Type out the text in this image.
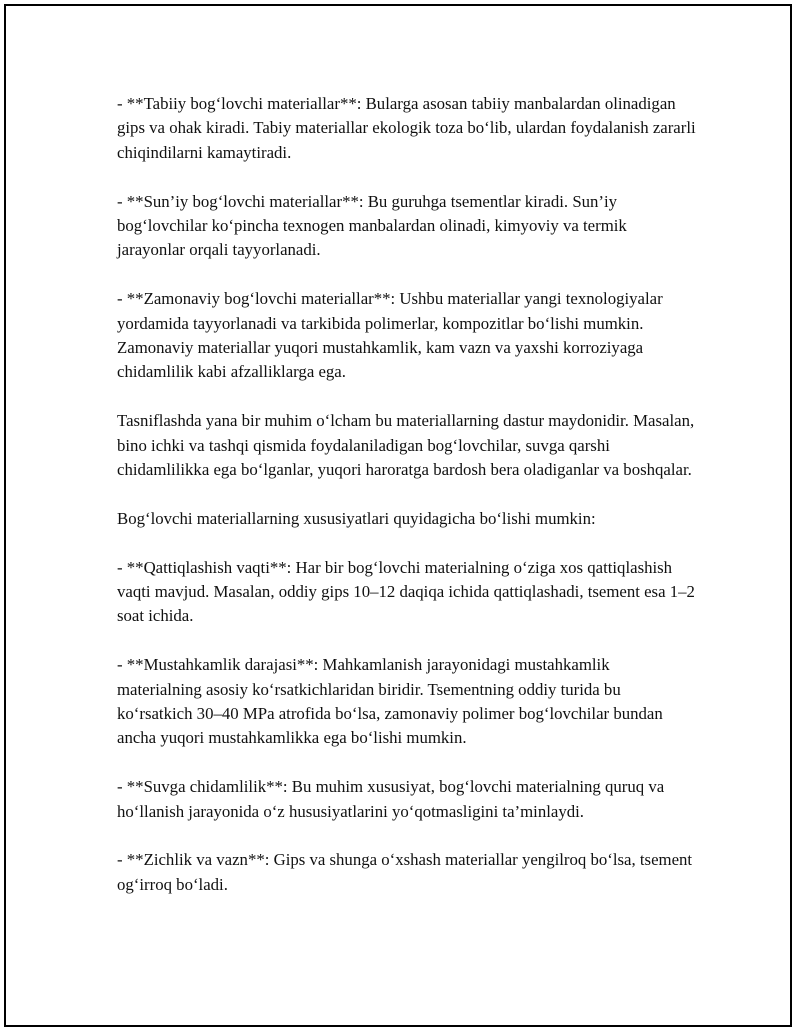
- **Tabiiy bog‘lovchi materiallar**: Bularga asosan tabiiy manbalardan olinadigan gips va ohak kiradi. Tabiy materiallar ekologik toza bo‘lib, ulardan foydalanish zararli chiqindilarni kamaytiradi.

- **Sun’iy bog‘lovchi materiallar**: Bu guruhga tsementlar kiradi. Sun’iy bog‘lovchilar ko‘pincha texnogen manbalardan olinadi, kimyoviy va termik jarayonlar orqali tayyorlanadi.

- **Zamonaviy bog‘lovchi materiallar**: Ushbu materiallar yangi texnologiyalar yordamida tayyorlanadi va tarkibida polimerlar, kompozitlar bo‘lishi mumkin. Zamonaviy materiallar yuqori mustahkamlik, kam vazn va yaxshi korroziyaga chidamlilik kabi afzalliklarga ega.

Tasniflashda yana bir muhim o‘lcham bu materiallarning dastur maydonidir. Masalan, bino ichki va tashqi qismida foydalaniladigan bog‘lovchilar, suvga qarshi chidamlilikka ega bo‘lganlar, yuqori haroratga bardosh bera oladiganlar va boshqalar.

Bog‘lovchi materiallarning xususiyatlari quyidagicha bo‘lishi mumkin:

- **Qattiqlashish vaqti**: Har bir bog‘lovchi materialning o‘ziga xos qattiqlashish vaqti mavjud. Masalan, oddiy gips 10–12 daqiqa ichida qattiqlashadi, tsement esa 1–2 soat ichida.

- **Mustahkamlik darajasi**: Mahkamlanish jarayonidagi mustahkamlik materialning asosiy ko‘rsatkichlaridan biridir. Tsementning oddiy turida bu ko‘rsatkich 30–40 MPa atrofida bo‘lsa, zamonaviy polimer bog‘lovchilar bundan ancha yuqori mustahkamlikka ega bo‘lishi mumkin.

- **Suvga chidamlilik**: Bu muhim xususiyat, bog‘lovchi materialning quruq va ho‘llanish jarayonida o‘z hususiyatlarini yo‘qotmasligini ta’minlaydi.

- **Zichlik va vazn**: Gips va shunga o‘xshash materiallar yengilroq bo‘lsa, tsement og‘irroq bo‘ladi.
